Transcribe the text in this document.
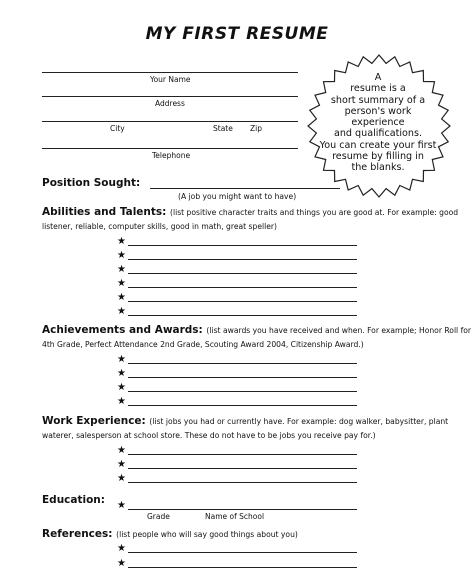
MY FIRST RESUME
Your Name
Address
City	State Zip
Telephone
A
resume is a
short summary of a
person's work experience
and qualifications.
You can create your first
resume by filling in
the blanks.
Position Sought:
(A job you might want to have)
Abilities and Talents: (list positive character traits and things you are good at. For example: good
listener, reliable, computer skills, good in math, great speller)
★
★
★
★
★
★
Achievements and Awards: (list awards you have received and when. For example; Honor Roll for
4th Grade, Perfect Attendance 2nd Grade, Scouting Award 2004, Citizenship Award.)
★
★
★
★
Work Experience: (list jobs you had or currently have. For example: dog walker, babysitter, plant
waterer, salesperson at school store. These do not have to be jobs you receive pay for.)
★
★
★
Education: ★
Grade	Name of School
References: (list people who will say good things about you)
★
★
